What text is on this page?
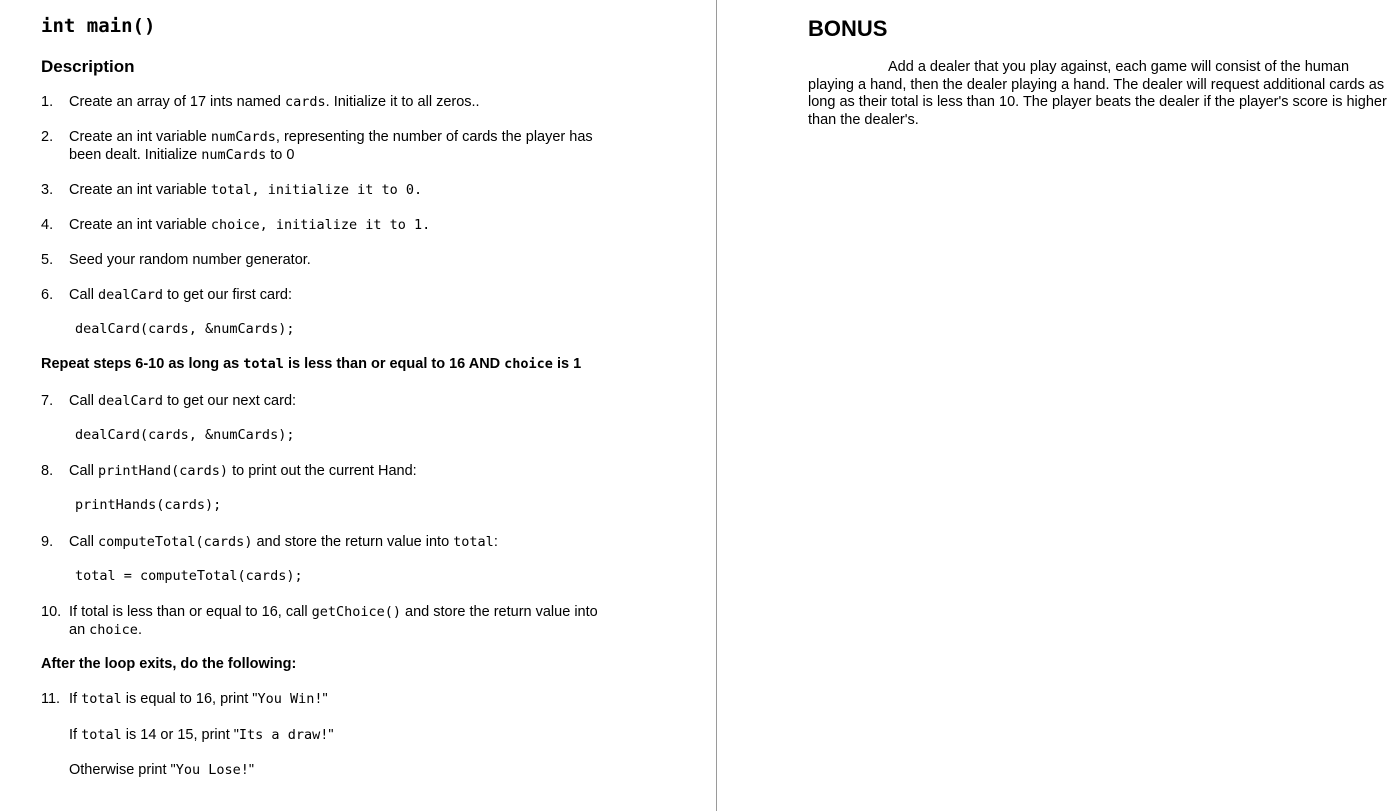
int main()
Description
1.	Create an array of 17 ints named cards. Initialize it to all zeros..
2.	Create an int variable numCards, representing the number of cards the player has
been dealt. Initialize numCards to 0
3.	Create an int variable total, initialize it to 0.
4.	Create an int variable choice, initialize it to 1.
5.	Seed your random number generator.
6.	Call dealCard to get our first card:
dealCard(cards, &numCards);
Repeat steps 6-10 as long as total is less than or equal to 16 AND choice is 1
7.	Call dealCard to get our next card:
dealCard(cards, &numCards);
8.	Call printHand(cards) to print out the current Hand:
printHands(cards);
9.	Call computeTotal(cards) and store the return value into total:
total = computeTotal(cards);
10. If total is less than or equal to 16, call getChoice() and store the return value into
an choice.
After the loop exits, do the following:
11. If total is equal to 16, print "You Win!"
If total is 14 or 15, print "Its a draw!"
Otherwise print "You Lose!"
BONUS
Add a dealer that you play against, each game will consist of the human playing a hand, then the dealer playing a hand. The dealer will request additional cards as long as their total is less than 10. The player beats the dealer if the player's score is higher than the dealer's.
